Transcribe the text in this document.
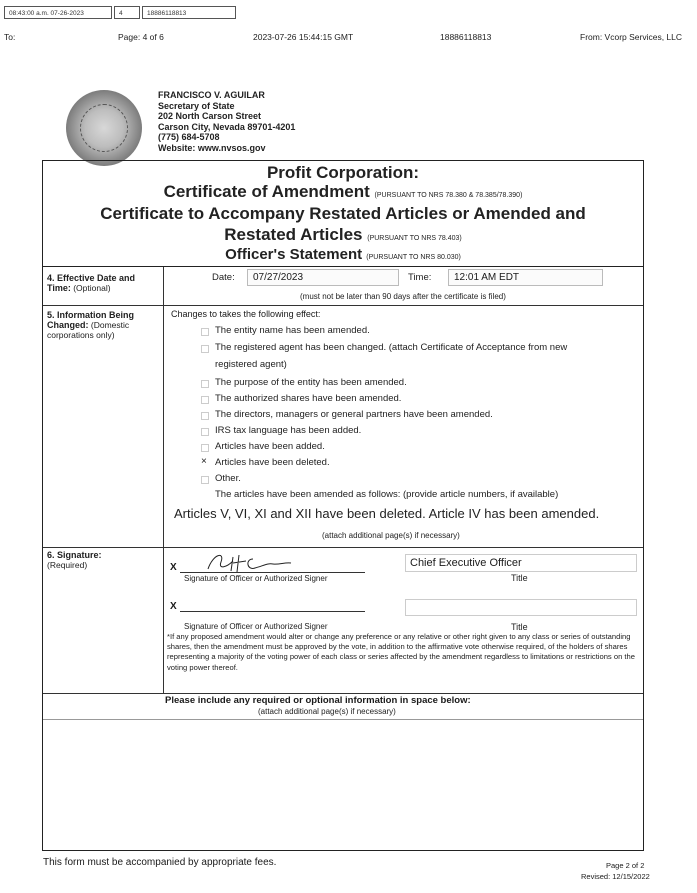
08:43:00 a.m. 07-26-2023	4	18886118813
To:	Page: 4 of 6	2023-07-26 15:44:15 GMT	18886118813	From: Vcorp Services, LLC
FRANCISCO V. AGUILAR
Secretary of State
202 North Carson Street
Carson City, Nevada 89701-4201
(775) 684-5708
Website: www.nvsos.gov
Profit Corporation:
Certificate of Amendment (PURSUANT TO NRS 78.380 & 78.385/78.390)
Certificate to Accompany Restated Articles or Amended and
Restated Articles (PURSUANT TO NRS 78.403)
Officer's Statement (PURSUANT TO NRS 80.030)
4. Effective Date and Time: (Optional)
Date: 07/27/2023	Time: 12:01 AM EDT
(must not be later than 90 days after the certificate is filed)
5. Information Being Changed: (Domestic corporations only)
Changes to takes the following effect:
The entity name has been amended.
The registered agent has been changed. (attach Certificate of Acceptance from new
registered agent)
The purpose of the entity has been amended.
The authorized shares have been amended.
The directors, managers or general partners have been amended.
IRS tax language has been added.
Articles have been added.
× Articles have been deleted.
Other.
The articles have been amended as follows: (provide article numbers, if available)
Articles V, VI, XI and XII have been deleted. Article IV has been amended.
(attach additional page(s) if necessary)
6. Signature:
(Required)	X	Chief Executive Officer
Signature of Officer or Authorized Signer	Title
X
Signature of Officer or Authorized Signer	Title
*If any proposed amendment would alter or change any preference or any relative or other right given to any class or series of outstanding shares, then the amendment must be approved by the vote, in addition to the affirmative vote otherwise required, of the holders of shares representing a majority of the voting power of each class or series affected by the amendment regardless to limitations or restrictions on the voting power thereof.
Please include any required or optional information in space below:
(attach additional page(s) if necessary)
This form must be accompanied by appropriate fees.	Page 2 of 2
Revised: 12/15/2022
